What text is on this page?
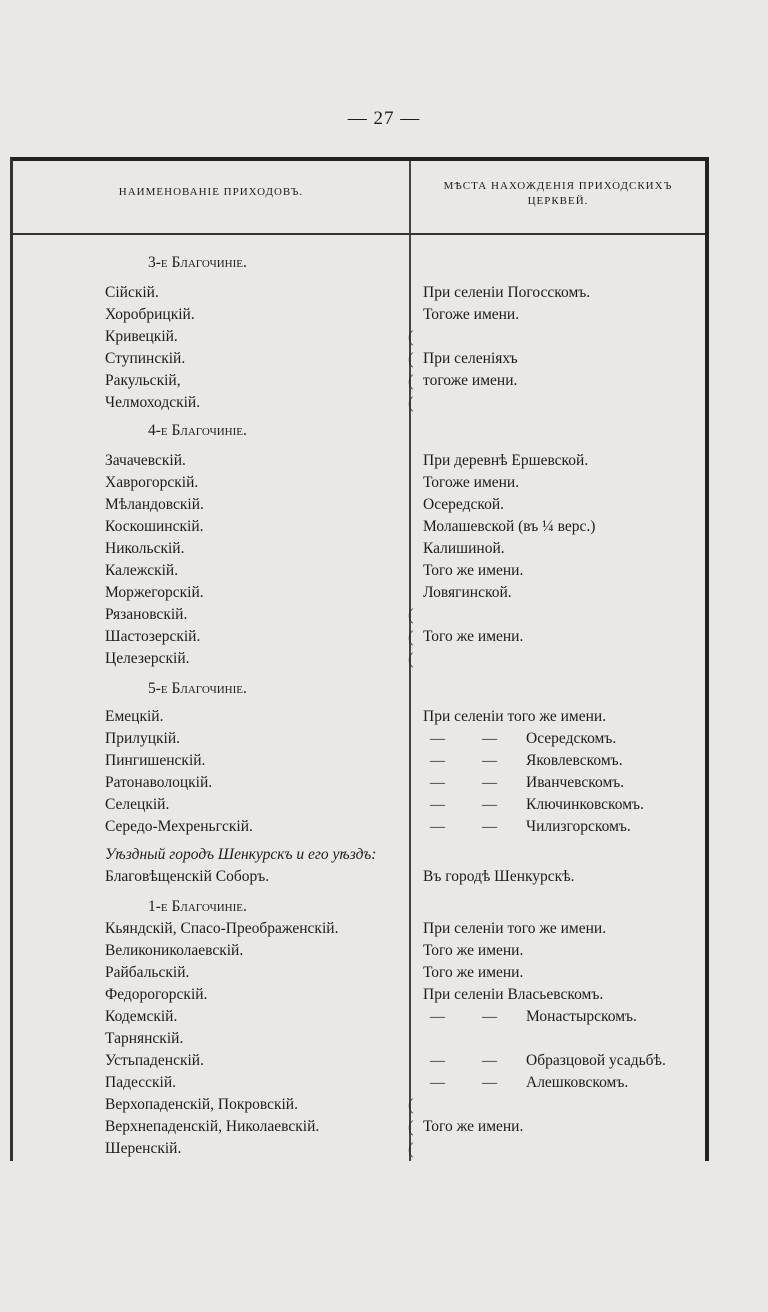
— 27 —
НАИМЕНОВАНІЕ ПРИХОДОВЪ.	МѢСТА НАХОЖДЕНІЯ ПРИХОДСКИХЪ
ЦЕРКВЕЙ.
3-е Благочиніе.
Сійскій.
Хоробрицкій.
Кривецкій.
Ступинскій.
Ракульскій,
Челмоходскій.
4-е Благочиніе.
Зачачевскій.
Хаврогорскій.
Мѣландовскій.
Коскошинскій.
Никольскій.
Калежскій.
Моржегорскій.
Рязановскій.
Шастозерскій.
Целезерскій.
5-е Благочиніе.
Емецкій.
Прилуцкій.
Пингишенскій.
Ратонаволоцкій.
Селецкій.
Середо-Мехреньгскій.
Уѣздный городъ Шенкурскъ и его уѣздъ:
Благовѣщенскій Соборъ.
1-е Благочиніе.
Кьяндскій, Спасо-Преображенскій.
Великониколаевскій.
Райбальскій.
Федорогорскій.
Кодемскій.
Тарнянскій.
Устьпаденскій.
Падесскій.
Верхопаденскій, Покровскій.
Верхнепаденскій, Николаевскій.
Шеренскій.
При селеніи Погосскомъ.
Тогоже имени.
(
( При селеніяхъ
( тогоже имени.
(
При деревнѣ Ершевской.
Тогоже имени.
Осередской.
Молашевской (въ ¼ верс.)
Калишиной.
Того же имени.
Ловягинской.
(
( Того же имени.
(
При селеніи того же имени.
— — Осередскомъ.
— — Яковлевскомъ.
— — Иванчевскомъ.
— — Ключинковскомъ.
— — Чилизгорскомъ.
Въ городѣ Шенкурскѣ.
При селеніи того же имени.
Того же имени.
Того же имени.
При селеніи Власьевскомъ.
— — Монастырскомъ.
— — Образцовой усадьбѣ.
— — Алешковскомъ.
(
( Того же имени.
(
